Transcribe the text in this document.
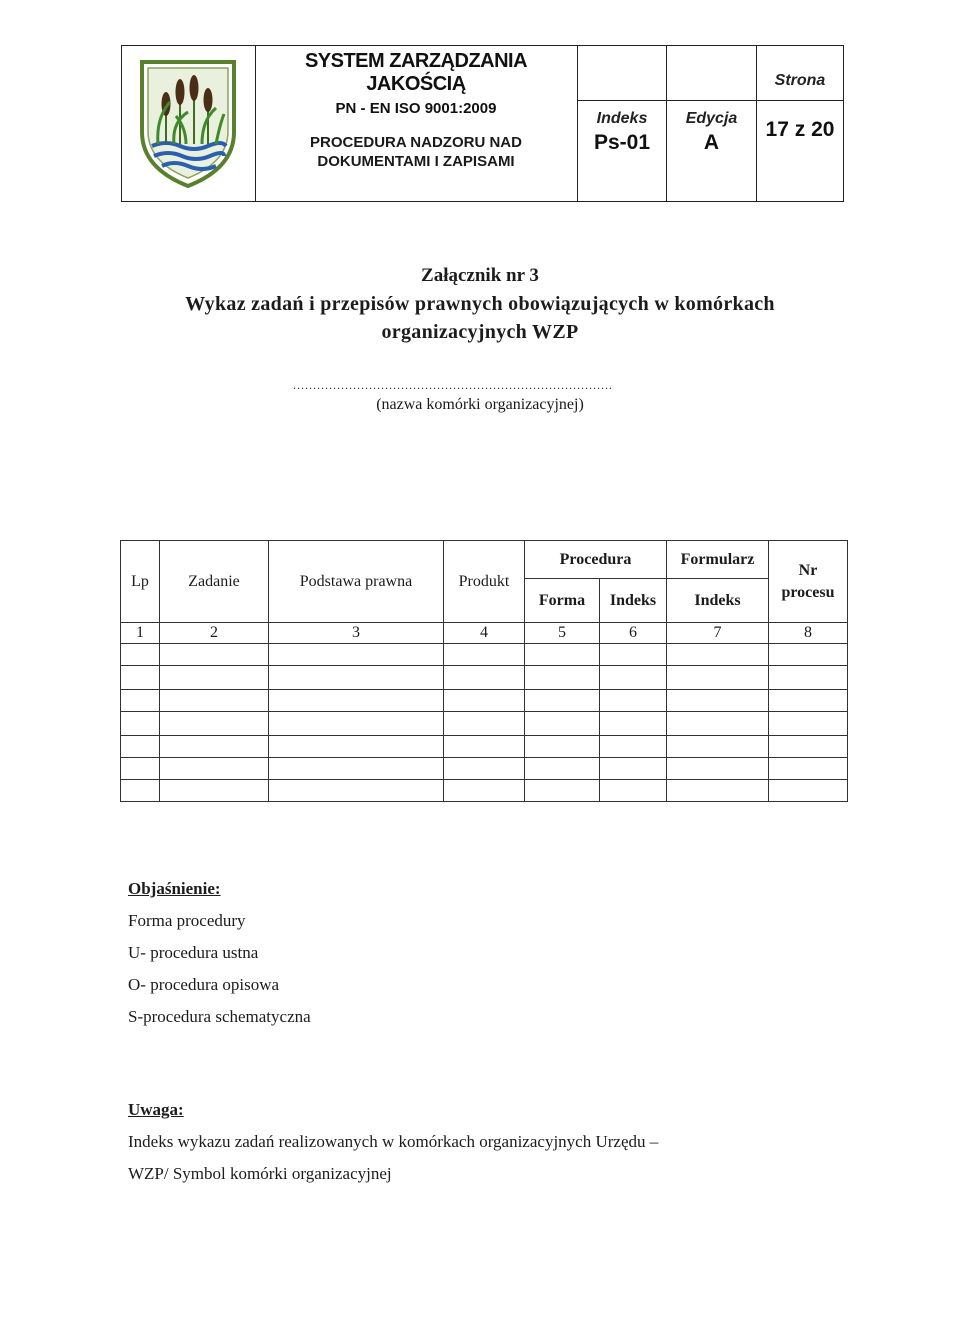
SYSTEM ZARZĄDZANIA JAKOŚCIĄ
PN - EN ISO 9001:2009
PROCEDURA NADZORU NAD
DOKUMENTAMI I ZAPISAMI
Indeks
Ps-01
Edycja
A
Strona
17 z 20
Załącznik nr 3
Wykaz zadań i przepisów prawnych obowiązujących w komórkach
organizacyjnych WZP
................................................................................
(nazwa komórki organizacyjnej)
Lp	Zadanie	Podstawa prawna	Produkt	Procedura		Formularz	Nr
procesu

				Forma	Indeks	Indeks	
1	2	3	4	5	6	7	8

Objaśnienie:
Forma procedury
U- procedura ustna
O- procedura opisowa
S-procedura schematyczna
Uwaga:
Indeks wykazu zadań realizowanych w komórkach organizacyjnych Urzędu –
WZP/ Symbol komórki organizacyjnej
